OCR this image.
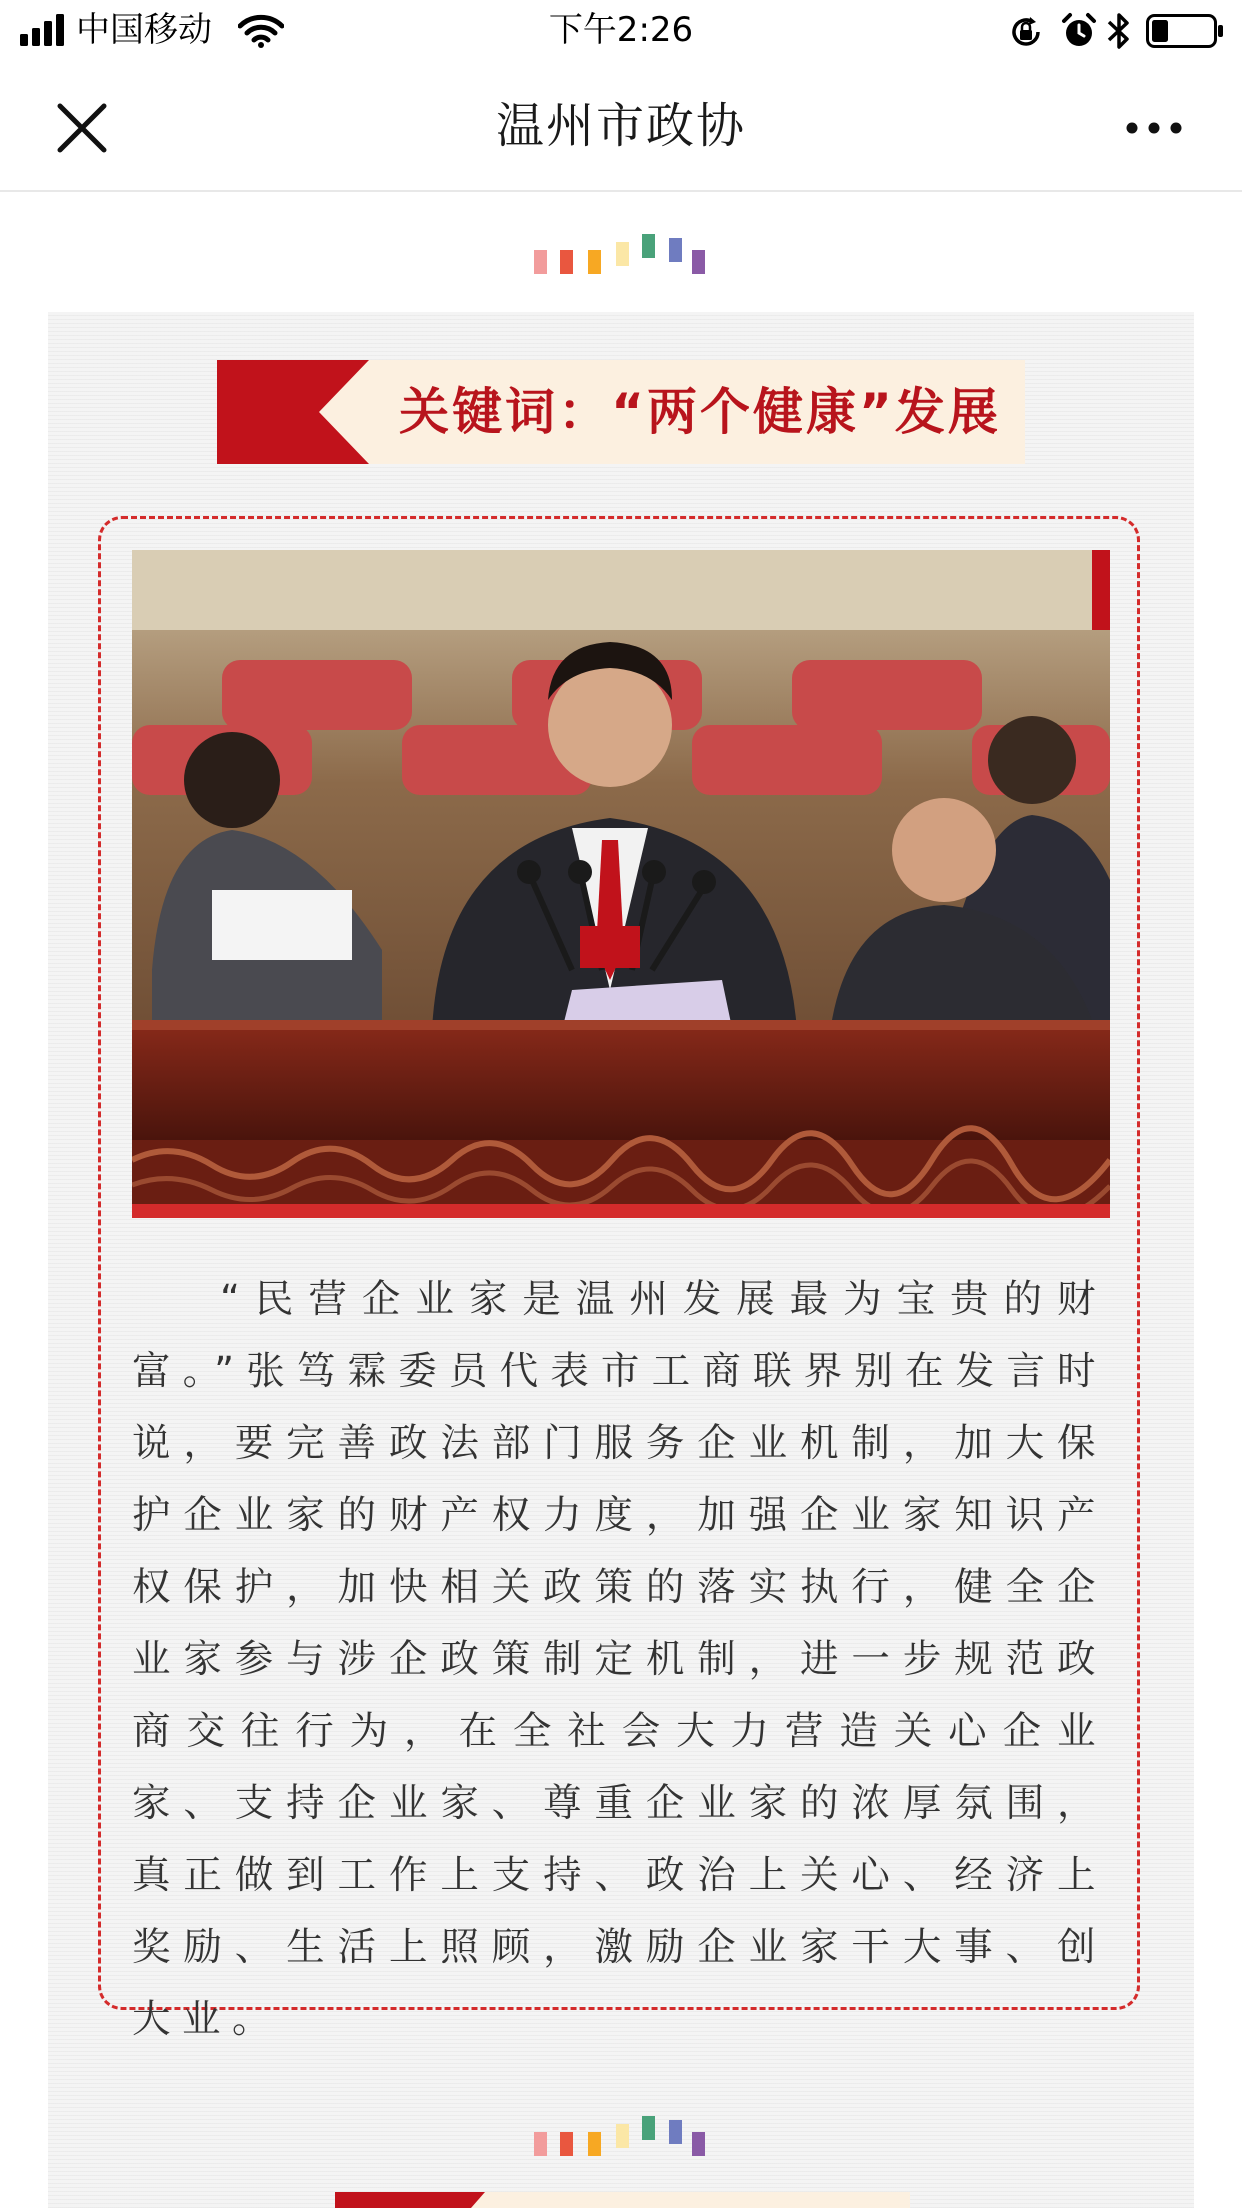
中国移动	下午2:26
温州市政协
关键词：“两个健康”发展

“民营企业家是温州发展最为宝贵的财富。”张笃霖委员代表市工商联界别在发言时说，要完善政法部门服务企业机制，加大保护企业家的财产权力度，加强企业家知识产权保护，加快相关政策的落实执行，健全企业家参与涉企政策制定机制，进一步规范政商交往行为，在全社会大力营造关心企业家、支持企业家、尊重企业家的浓厚氛围，真正做到工作上支持、政治上关心、经济上奖励、生活上照顾，激励企业家干大事、创大业。
